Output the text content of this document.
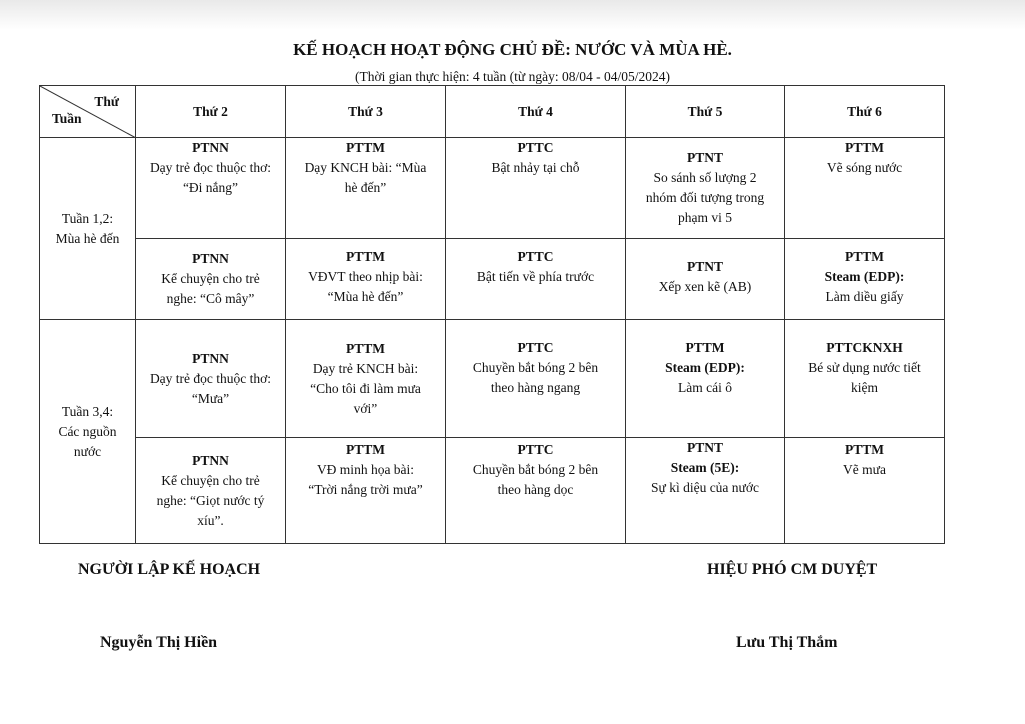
KẾ HOẠCH HOẠT ĐỘNG CHỦ ĐỀ: NƯỚC VÀ MÙA HÈ.
(Thời gian thực hiện: 4 tuần (từ ngày: 08/04 - 04/05/2024)
Thứ
Tuần	Thứ 2	Thứ 3	Thứ 4	Thứ 5	Thứ 6

Tuần 1,2:
Mùa hè đến	PTNN
Dạy trẻ đọc thuộc thơ:
“Đi nắng”	PTTM
Dạy KNCH bài: “Mùa
hè đến”	PTTC
Bật nhảy tại chỗ	PTNT
So sánh số lượng 2
nhóm đối tượng trong
phạm vi 5	PTTM
Vẽ sóng nước

	PTNN
Kể chuyện cho trẻ
nghe: “Cô mây”	PTTM
VĐVT theo nhịp bài:
“Mùa hè đến”	PTTC
Bật tiến về phía trước	PTNT
Xếp xen kẽ (AB)	PTTM
Steam (EDP):
Làm diều giấy

Tuần 3,4:
Các nguồn
nước	PTNN
Dạy trẻ đọc thuộc thơ:
“Mưa”	PTTM
Dạy trẻ KNCH bài:
“Cho tôi đi làm mưa
với”	PTTC
Chuyền bắt bóng 2 bên
theo hàng ngang	PTTM
Steam (EDP):
Làm cái ô	PTTCKNXH
Bé sử dụng nước tiết
kiệm

	PTNN
Kể chuyện cho trẻ
nghe: “Giọt nước tý
xíu”.	PTTM
VĐ minh họa bài:
“Trời nắng trời mưa”	PTTC
Chuyền bắt bóng 2 bên
theo hàng dọc	PTNT
Steam (5E):
Sự kì diệu của nước	PTTM
Vẽ mưa
NGƯỜI LẬP KẾ HOẠCH	HIỆU PHÓ CM DUYỆT
Nguyễn Thị Hiền	Lưu Thị Thắm
